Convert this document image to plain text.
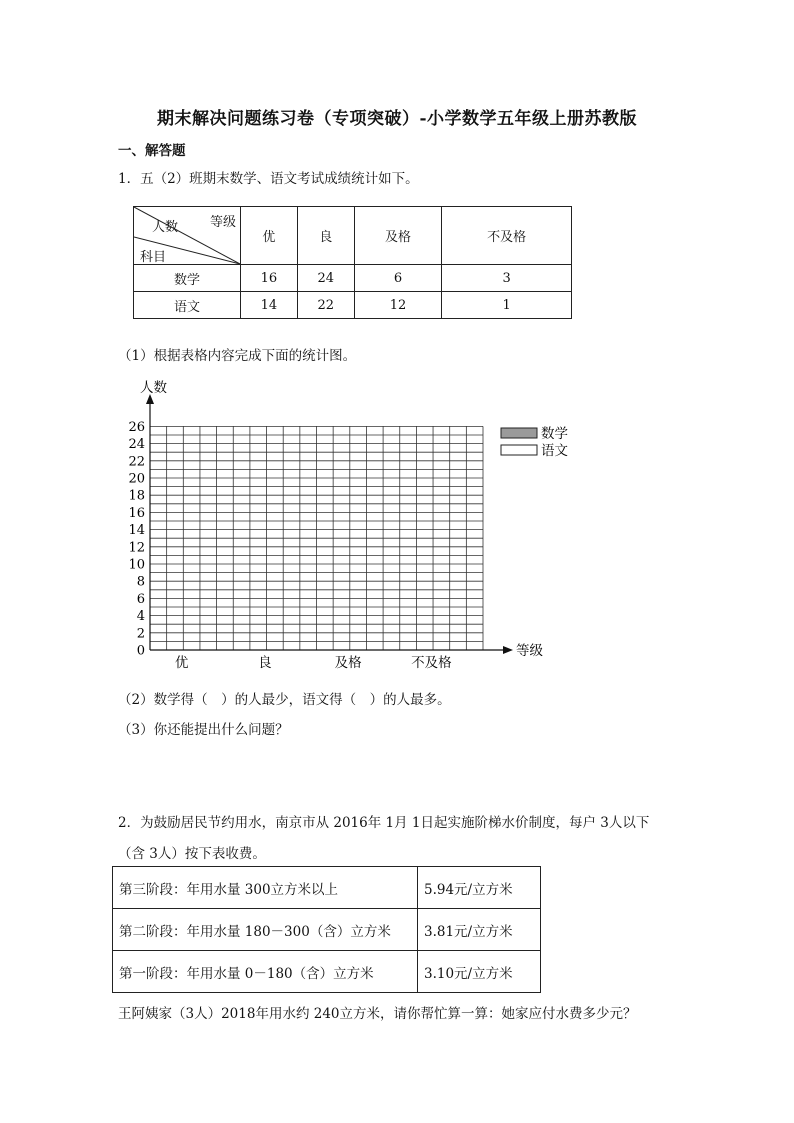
期末解决问题练习卷（专项突破）-小学数学五年级上册苏教版
一、解答题
1．五（2）班期末数学、语文考试成绩统计如下。
人数 等级
科目	优	良	及格	不及格
数学	16	24	6	3
语文	14	22	12	1
（1）根据表格内容完成下面的统计图。
0
2
4
6
8
10
12
14
16
18
20
22
24
26
人数
等级
优	良	及格	不及格
数学
语文
（2）数学得（　）的人最少，语文得（　）的人最多。
（3）你还能提出什么问题？
2．为鼓励居民节约用水，南京市从 2016年 1月 1日起实施阶梯水价制度，每户 3人以下
（含 3人）按下表收费。
第三阶段：年用水量 300立方米以上	5.94元/立方米
第二阶段：年用水量 180－300（含）立方米	3.81元/立方米
第一阶段：年用水量 0－180（含）立方米	3.10元/立方米
王阿姨家（3人）2018年用水约 240立方米，请你帮忙算一算：她家应付水费多少元？
